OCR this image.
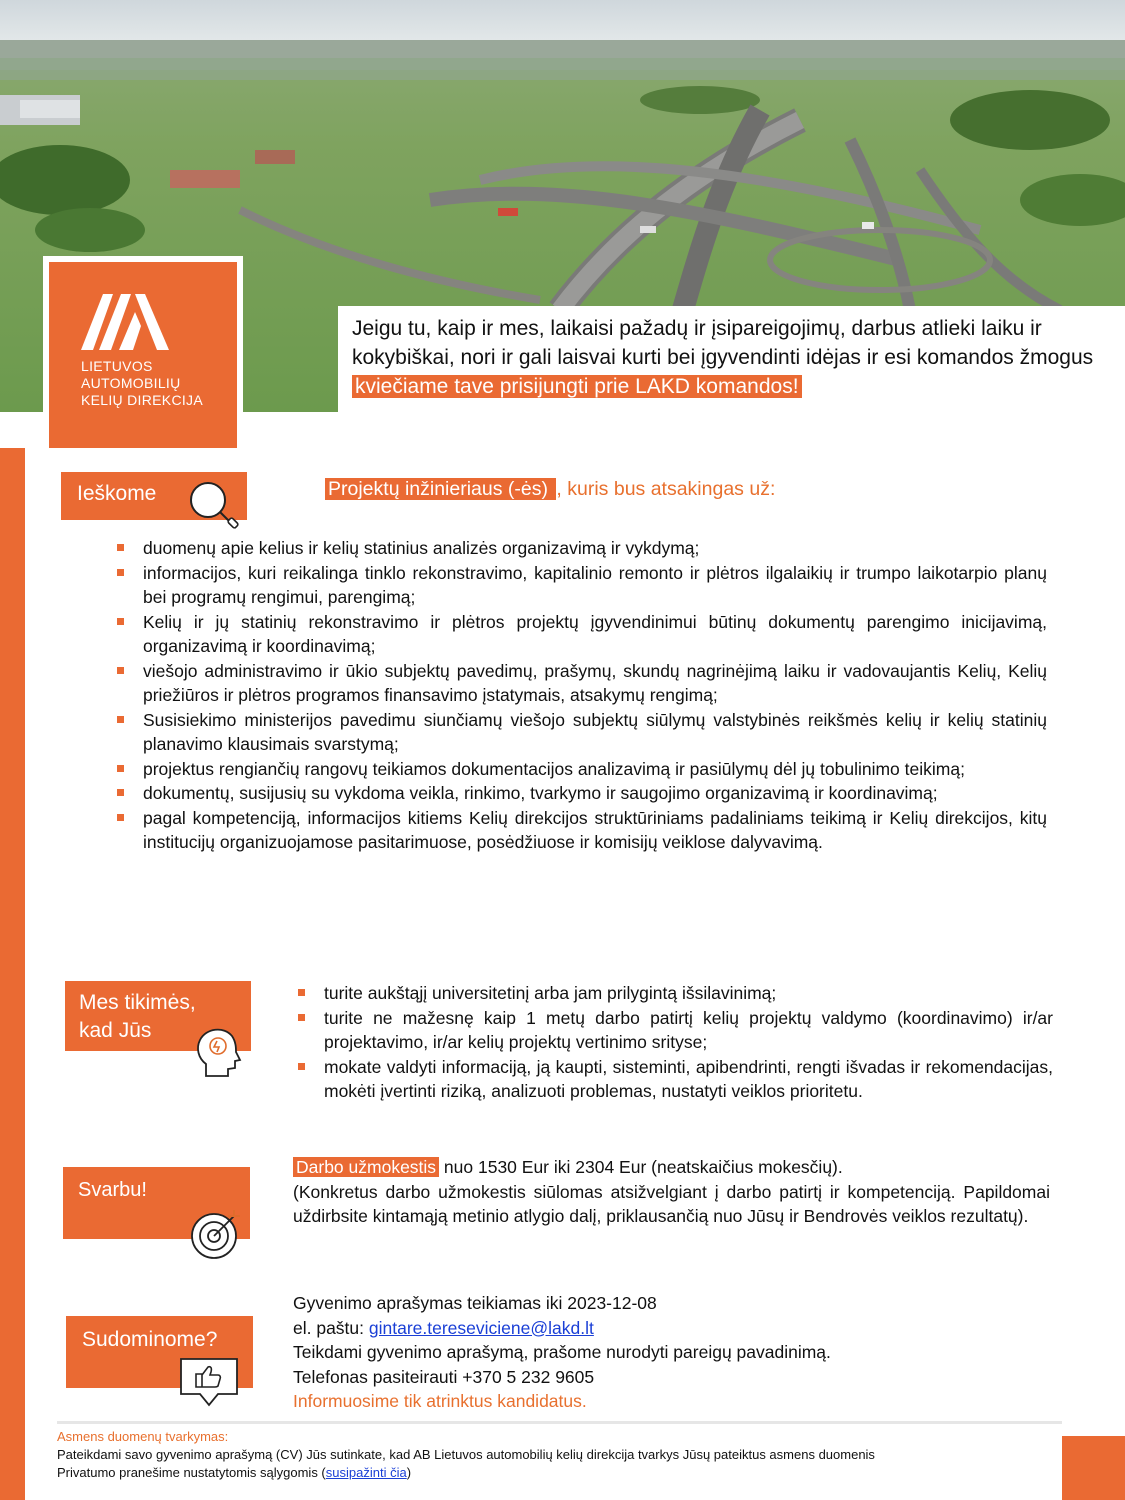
LIETUVOS
AUTOMOBILIŲ
KELIŲ DIREKCIJA
Jeigu tu, kaip ir mes, laikaisi pažadų ir įsipareigojimų, darbus atlieki laiku ir kokybiškai, nori ir gali laisvai kurti bei įgyvendinti idėjas ir esi komandos žmogus kviečiame tave prisijungti prie LAKD komandos!
Ieškome	Projektų inžinieriaus (-ės) , kuris bus atsakingas už:
duomenų apie kelius ir kelių statinius analizės organizavimą ir vykdymą;
informacijos, kuri reikalinga tinklo rekonstravimo, kapitalinio remonto ir plėtros ilgalaikių ir trumpo laikotarpio planų bei programų rengimui, parengimą;
Kelių ir jų statinių rekonstravimo ir plėtros projektų įgyvendinimui būtinų dokumentų parengimo inicijavimą, organizavimą ir koordinavimą;
viešojo administravimo ir ūkio subjektų pavedimų, prašymų, skundų nagrinėjimą laiku ir vadovaujantis Kelių, Kelių priežiūros ir plėtros programos finansavimo įstatymais, atsakymų rengimą;
Susisiekimo ministerijos pavedimu siunčiamų viešojo subjektų siūlymų valstybinės reikšmės kelių ir kelių statinių planavimo klausimais svarstymą;
projektus rengiančių rangovų teikiamos dokumentacijos analizavimą ir pasiūlymų dėl jų tobulinimo teikimą;
dokumentų, susijusių su vykdoma veikla, rinkimo, tvarkymo ir saugojimo organizavimą ir koordinavimą;
pagal kompetenciją, informacijos kitiems Kelių direkcijos struktūriniams padaliniams teikimą ir Kelių direkcijos, kitų institucijų organizuojamose pasitarimuose, posėdžiuose ir komisijų veiklose dalyvavimą.
Mes tikimės,
kad Jūs
turite aukštąjį universitetinį arba jam prilygintą išsilavinimą;
turite ne mažesnę kaip 1 metų darbo patirtį kelių projektų valdymo (koordinavimo) ir/ar projektavimo, ir/ar kelių projektų vertinimo srityse;
mokate valdyti informaciją, ją kaupti, sisteminti, apibendrinti, rengti išvadas ir rekomendacijas, mokėti įvertinti riziką, analizuoti problemas, nustatyti veiklos prioritetu.
Svarbu!
Darbo užmokestis nuo 1530 Eur iki 2304 Eur (neatskaičius mokesčių).
(Konkretus darbo užmokestis siūlomas atsižvelgiant į darbo patirtį ir kompetenciją. Papildomai uždirbsite kintamąją metinio atlygio dalį, priklausančią nuo Jūsų ir Bendrovės veiklos rezultatų).
Sudominome?
Gyvenimo aprašymas teikiamas iki 2023-12-08
el. paštu: gintare.tereseviciene@lakd.lt
Teikdami gyvenimo aprašymą, prašome nurodyti pareigų pavadinimą.
Telefonas pasiteirauti +370 5 232 9605
Informuosime tik atrinktus kandidatus.
Asmens duomenų tvarkymas:
Pateikdami savo gyvenimo aprašymą (CV) Jūs sutinkate, kad AB Lietuvos automobilių kelių direkcija tvarkys Jūsų pateiktus asmens duomenis
Privatumo pranešime nustatytomis sąlygomis (susipažinti čia)
